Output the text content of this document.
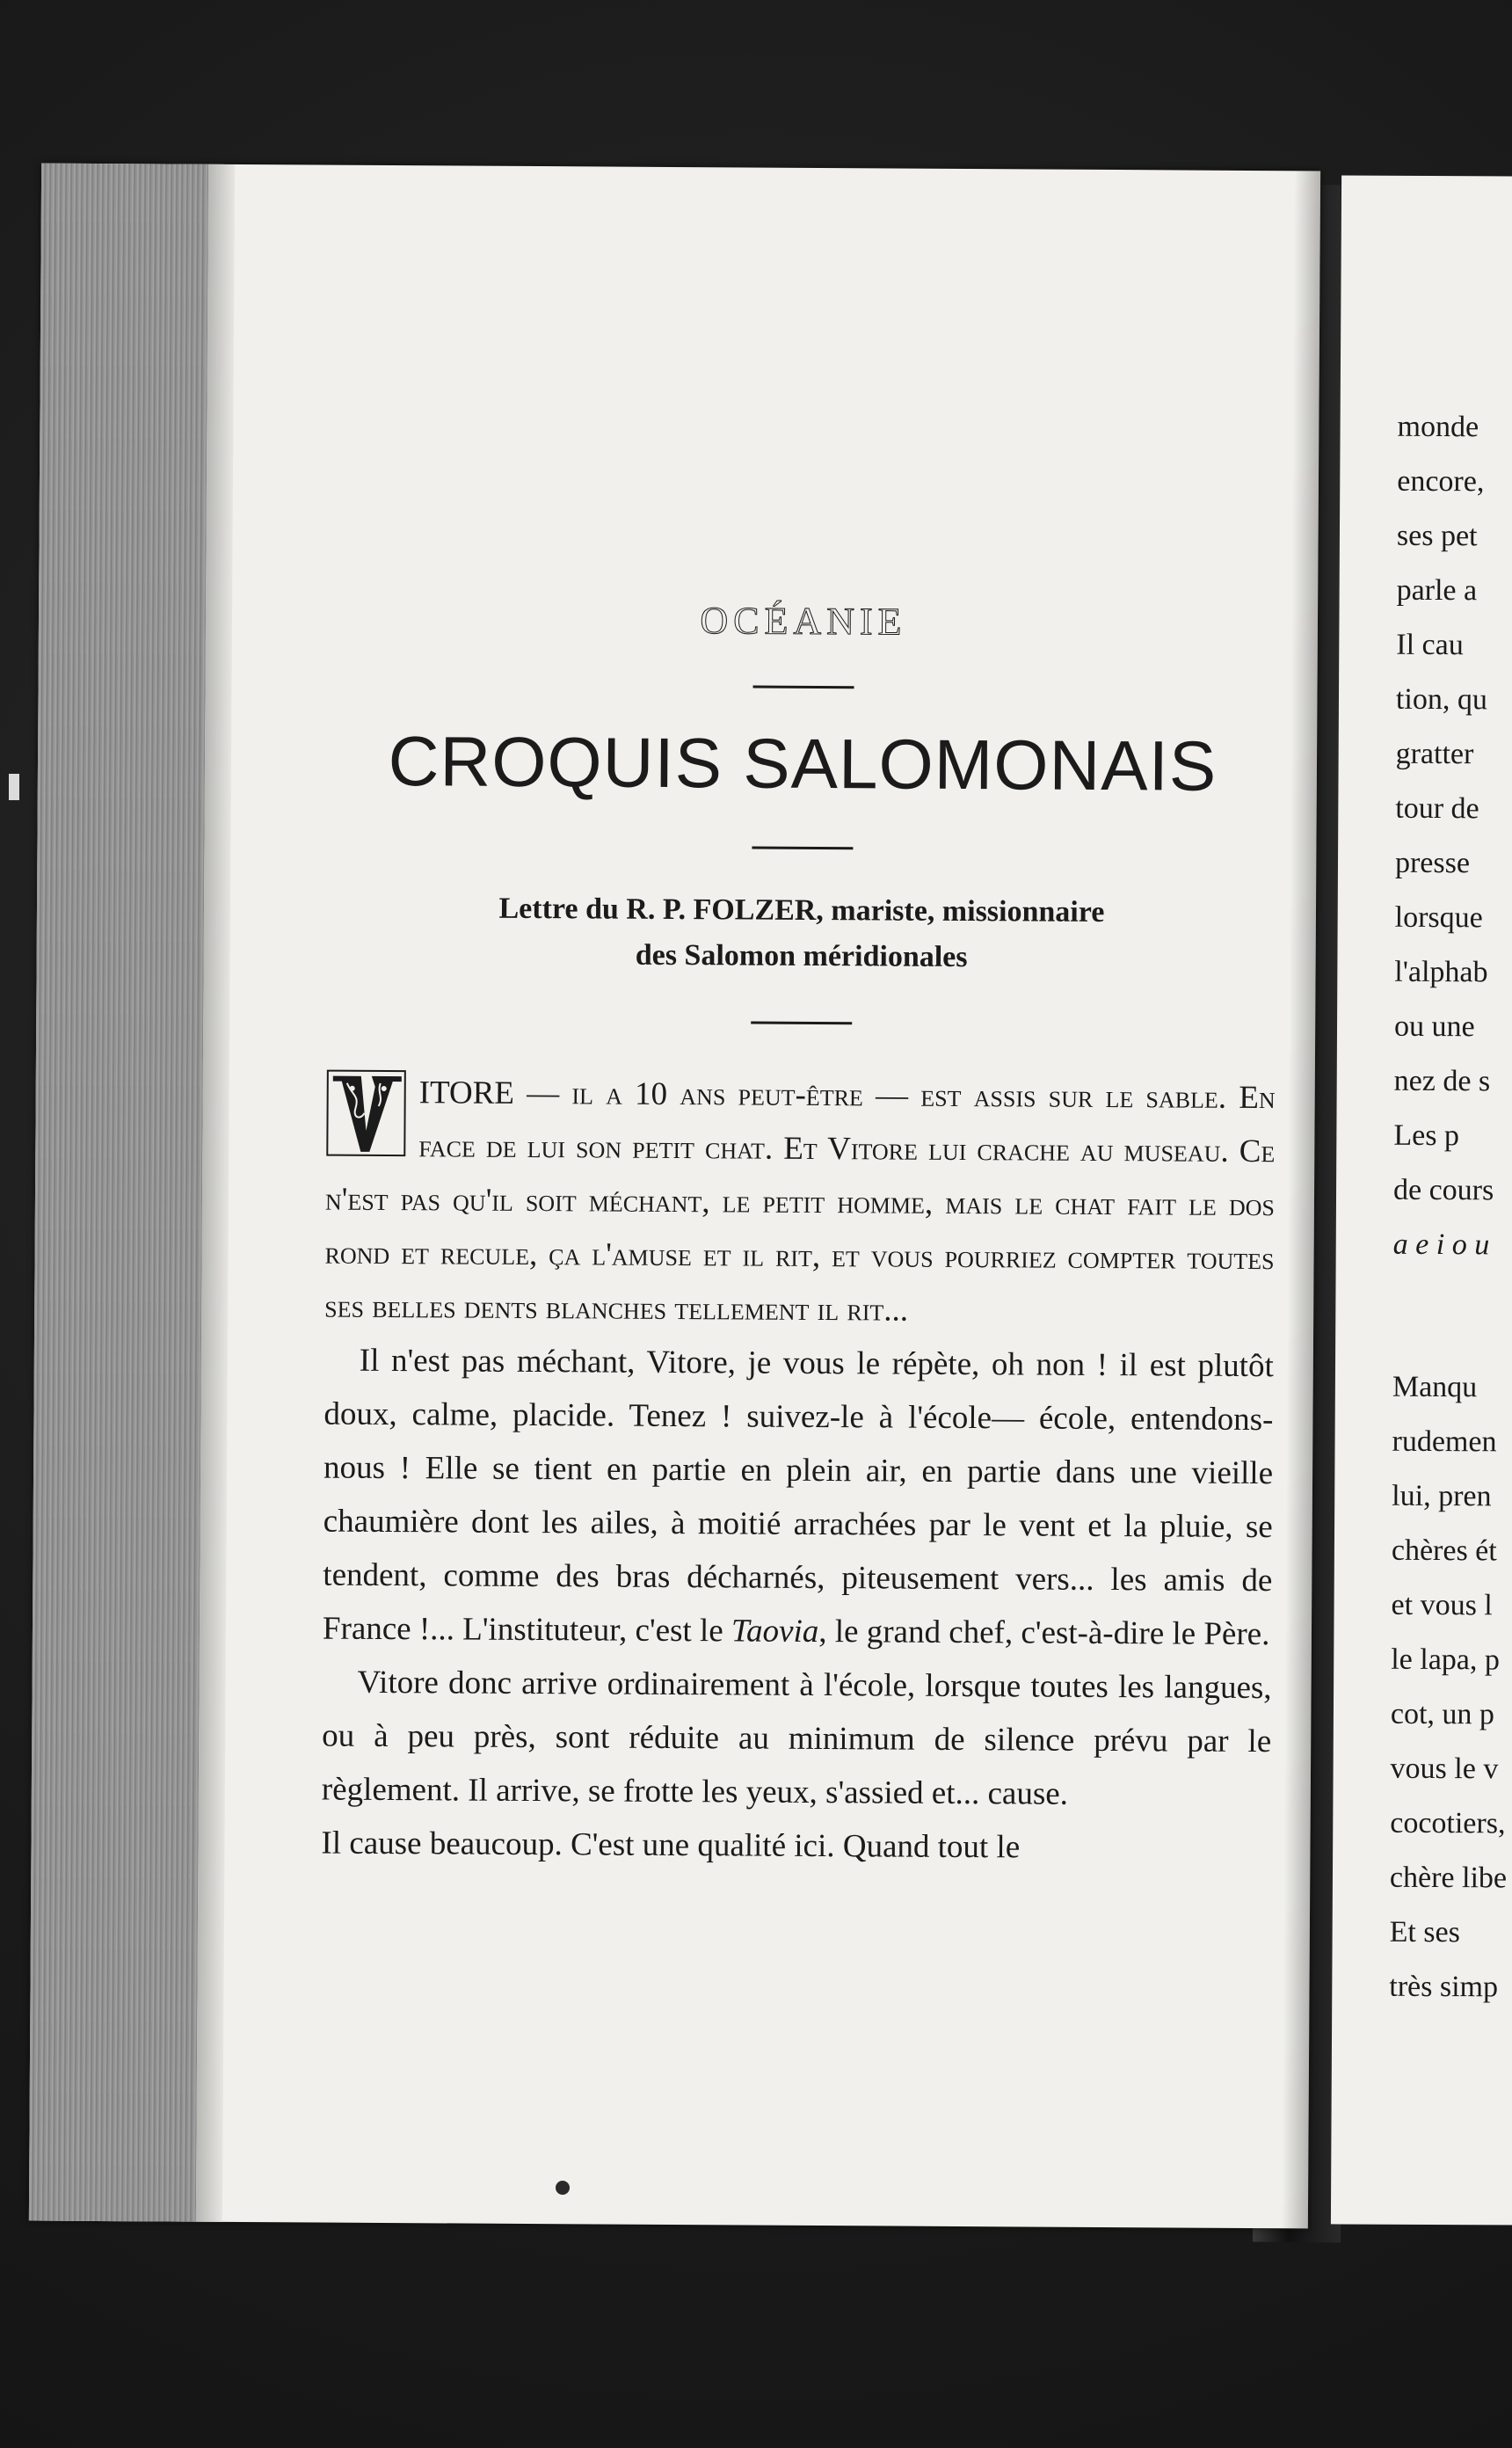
OCÉANIE
CROQUIS SALOMONAIS
Lettre du R. P. FOLZER, mariste, missionnaire
des Salomon méridionales

V
ITORE — il a 10 ans peut-être — est assis sur le sable. En face de lui son petit chat. Et Vitore lui crache au museau. Ce n'est pas qu'il soit méchant, le petit homme, mais le chat fait le dos rond et recule, ça l'amuse et il rit, et vous pourriez compter toutes ses belles dents blanches tellement il rit...

Il n'est pas méchant, Vitore, je vous le répète, oh non ! il est plutôt doux, calme, placide. Tenez ! suivez-le à l'école— école, entendons-nous ! Elle se tient en partie en plein air, en partie dans une vieille chaumière dont les ailes, à moitié arrachées par le vent et la pluie, se tendent, comme des bras décharnés, piteusement vers... les amis de France !... L'instituteur, c'est le Taovia, le grand chef, c'est-à-dire le Père.

Vitore donc arrive ordinairement à l'école, lorsque toutes les langues, ou à peu près, sont réduite au minimum de silence prévu par le règlement. Il arrive, se frotte les yeux, s'assied et... cause.

Il cause beaucoup. C'est une qualité ici. Quand tout le

monde
encore,
ses pet
parle a
Il cau
tion, qu
gratter
tour de
presse
lorsque
l'alphab
ou une
nez de s
Les p
de cours
a e i o u
Manqu
rudemen
lui, pren
chères ét
et vous l
le lapa, p
cot, un p
vous le v
cocotiers,
chère libe
Et ses
très simp
